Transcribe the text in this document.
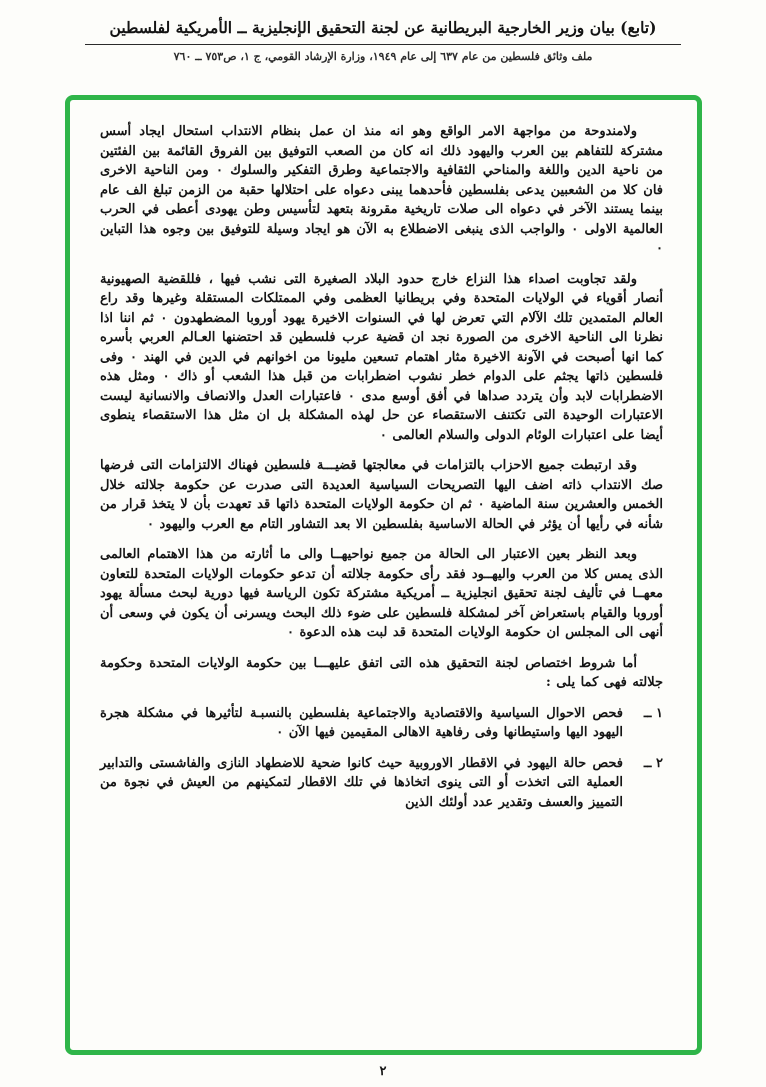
(تابع) بيان وزير الخارجية البريطانية عن لجنة التحقيق الإنجليزية ــ الأمريكية لفلسطين
ملف وثائق فلسطين من عام ٦٣٧ إلى عام ١٩٤٩، وزارة الإرشاد القومي، ج ١، ص٧٥٣ ــ ٧٦٠

ولامندوحة من مواجهة الامر الواقع وهو انه منذ ان عمل بنظام الانتداب استحال ايجاد أسس مشتركة للتفاهم بين العرب واليهود ذلك انه كان من الصعب التوفيق بين الفروق القائمة بين الفئتين من ناحية الدين واللغة والمناحي الثقافية والاجتماعية وطرق التفكير والسلوك ۰ ومن الناحية الاخرى فان كلا من الشعبين يدعى بفلسطين فأحدهما يبنى دعواه على احتلالها حقبة من الزمن تبلغ الف عام بينما يستند الآخر في دعواه الى صلات تاريخية مقرونة بتعهد لتأسيس وطن يهودى أعطى في الحرب العالمية الاولى ۰ والواجب الذى ينبغى الاضطلاع به الآن هو ايجاد وسيلة للتوفيق بين وجوه هذا التباين ۰

ولقد تجاوبت اصداء هذا النزاع خارج حدود البلاد الصغيرة التى نشب فيها ، فللقضية الصهيونية أنصار أقوياء في الولايات المتحدة وفي بريطانيا العظمى وفي الممتلكات المستقلة وغيرها وقد راع العالم المتمدين تلك الآلام التي تعرض لها في السنوات الاخيرة يهود أوروبا المضطهدون ۰ ثم اننا اذا نظرنا الى الناحية الاخرى من الصورة نجد ان قضية عرب فلسطين قد احتضنها العـالم العربي بأسره كما انها أصبحت في الآونة الاخيرة مثار اهتمام تسعين مليونا من اخوانهم في الدين في الهند ۰ وفى فلسطين ذاتها يجثم على الدوام خطر نشوب اضطرابات من قبل هذا الشعب أو ذاك ۰ ومثل هذه الاضطرابات لابد وأن يتردد صداها في أفق أوسع مدى ۰ فاعتبارات العدل والانصاف والانسانية ليست الاعتبارات الوحيدة التى تكتنف الاستقصاء عن حل لهذه المشكلة بل ان مثل هذا الاستقصاء ينطوى أيضا على اعتبارات الوئام الدولى والسلام العالمى ۰

وقد ارتبطت جميع الاحزاب بالتزامات في معالجتها قضيـــة فلسطين فهناك الالتزامات التى فرضها صك الانتداب ذاته اضف اليها التصريحات السياسية العديدة التى صدرت عن حكومة جلالته خلال الخمس والعشرين سنة الماضية ۰ ثم ان حكومة الولايات المتحدة ذاتها قد تعهدت بأن لا يتخذ قرار من شأنه في رأيها أن يؤثر في الحالة الاساسية بفلسطين الا بعد التشاور التام مع العرب واليهود ۰

وبعد النظر بعين الاعتبار الى الحالة من جميع نواحيهــا والى ما أثارته من هذا الاهتمام العالمى الذى يمس كلا من العرب واليهــود فقد رأى حكومة جلالته أن تدعو حكومات الولايات المتحدة للتعاون معهــا في تأليف لجنة تحقيق انجليزية ــ أمريكية مشتركة تكون الرياسة فيها دورية لبحث مسألة يهود أوروبا والقيام باستعراض آخر لمشكلة فلسطين على ضوء ذلك البحث ويسرنى أن يكون في وسعى أن أنهى الى المجلس ان حكومة الولايات المتحدة قد لبت هذه الدعوة ۰

أما شروط اختصاص لجنة التحقيق هذه التى اتفق عليهـــا بين حكومة الولايات المتحدة وحكومة جلالته فهى كما يلى :

١ ــ
فحص الاحوال السياسية والاقتصادية والاجتماعية بفلسطين بالنسبـة لتأثيرها في مشكلة هجرة اليهود اليها واستيطانها وفى رفاهية الاهالى المقيمين فيها الآن ۰
٢ ــ
فحص حالة اليهود في الاقطار الاوروبية حيث كانوا ضحية للاضطهاد النازى والفاشستى والتدابير العملية التى اتخذت أو التى ينوى اتخاذها في تلك الاقطار لتمكينهم من العيش في نجوة من التمييز والعسف وتقدير عدد أولئك الذين
٢
